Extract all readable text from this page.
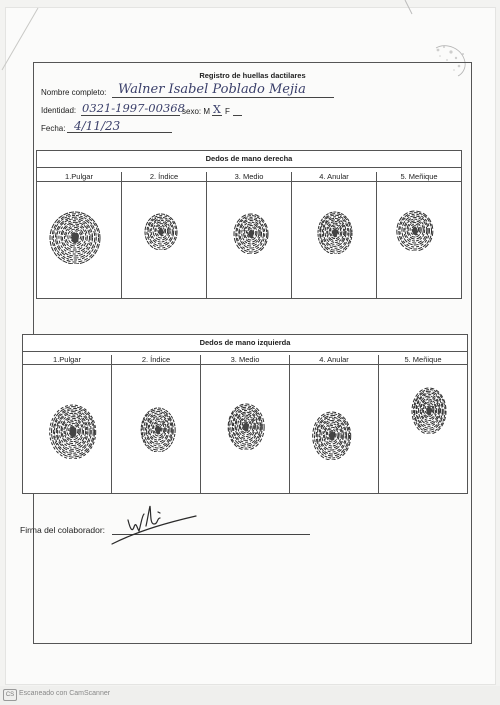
Registro de huellas dactilares
Nombre completo: Walner Isabel Poblado Mejia
Identidad: 0321-1997-00368
sexo: M X F
Fecha: 4/11/23
Dedos de mano derecha
1.Pulgar	2. Índice	3. Medio	4. Anular	5. Meñique
Dedos de mano izquierda
1.Pulgar	2. Índice	3. Medio	4. Anular	5. Meñique
Firma del colaborador:
CS Escaneado con CamScanner
